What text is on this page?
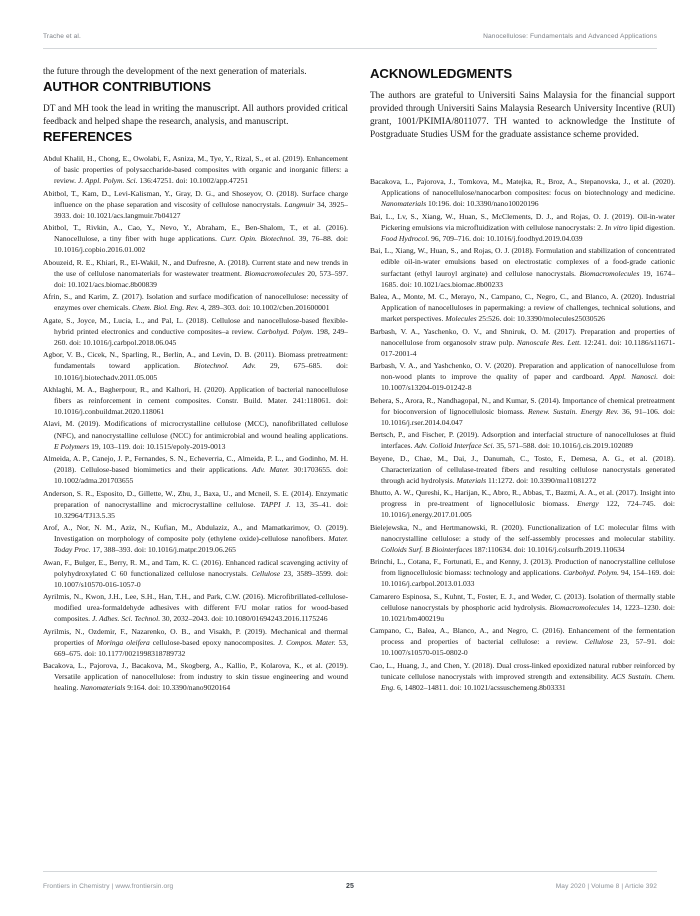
Trache et al.	Nanocellulose: Fundamentals and Advanced Applications

the future through the development of the next generation of materials.

AUTHOR CONTRIBUTIONS

DT and MH took the lead in writing the manuscript. All authors provided critical feedback and helped shape the research, analysis, and manuscript.

REFERENCES
Abdul Khalil, H., Chong, E., Owolabi, F., Asniza, M., Tye, Y., Rizal, S., et al. (2019). Enhancement of basic properties of polysaccharide-based composites with organic and inorganic fillers: a review. J. Appl. Polym. Sci. 136:47251. doi: 10.1002/app.47251
Abitbol, T., Kam, D., Levi-Kalisman, Y., Gray, D. G., and Shoseyov, O. (2018). Surface charge influence on the phase separation and viscosity of cellulose nanocrystals. Langmuir 34, 3925–3933. doi: 10.1021/acs.langmuir.7b04127
Abitbol, T., Rivkin, A., Cao, Y., Nevo, Y., Abraham, E., Ben-Shalom, T., et al. (2016). Nanocellulose, a tiny fiber with huge applications. Curr. Opin. Biotechnol. 39, 76–88. doi: 10.1016/j.copbio.2016.01.002
Abouzeid, R. E., Khiari, R., El-Wakil, N., and Dufresne, A. (2018). Current state and new trends in the use of cellulose nanomaterials for wastewater treatment. Biomacromolecules 20, 573–597. doi: 10.1021/acs.biomac.8b00839
Afrin, S., and Karim, Z. (2017). Isolation and surface modification of nanocellulose: necessity of enzymes over chemicals. Chem. Biol. Eng. Rev. 4, 289–303. doi: 10.1002/cben.201600001
Agate, S., Joyce, M., Lucia, L., and Pal, L. (2018). Cellulose and nanocellulose-based flexible-hybrid printed electronics and conductive composites–a review. Carbohyd. Polym. 198, 249–260. doi: 10.1016/j.carbpol.2018.06.045
Agbor, V. B., Cicek, N., Sparling, R., Berlin, A., and Levin, D. B. (2011). Biomass pretreatment: fundamentals toward application. Biotechnol. Adv. 29, 675–685. doi: 10.1016/j.biotechadv.2011.05.005
Akhlaghi, M. A., Bagherpour, R., and Kalhori, H. (2020). Application of bacterial nanocellulose fibers as reinforcement in cement composites. Constr. Build. Mater. 241:118061. doi: 10.1016/j.conbuildmat.2020.118061
Alavi, M. (2019). Modifications of microcrystalline cellulose (MCC), nanofibrillated cellulose (NFC), and nanocrystalline cellulose (NCC) for antimicrobial and wound healing applications. E Polymers 19, 103–119. doi: 10.1515/epoly-2019-0013
Almeida, A. P., Canejo, J. P., Fernandes, S. N., Echeverria, C., Almeida, P. L., and Godinho, M. H. (2018). Cellulose-based biomimetics and their applications. Adv. Mater. 30:1703655. doi: 10.1002/adma.201703655
Anderson, S. R., Esposito, D., Gillette, W., Zhu, J., Baxa, U., and Mcneil, S. E. (2014). Enzymatic preparation of nanocrystalline and microcrystalline cellulose. TAPPI J. 13, 35–41. doi: 10.32964/TJ13.5.35
Arof, A., Nor, N. M., Aziz, N., Kufian, M., Abdulaziz, A., and Mamatkarimov, O. (2019). Investigation on morphology of composite poly (ethylene oxide)-cellulose nanofibers. Mater. Today Proc. 17, 388–393. doi: 10.1016/j.matpr.2019.06.265
Awan, F., Bulger, E., Berry, R. M., and Tam, K. C. (2016). Enhanced radical scavenging activity of polyhydroxylated C 60 functionalized cellulose nanocrystals. Cellulose 23, 3589–3599. doi: 10.1007/s10570-016-1057-0
Ayrilmis, N., Kwon, J.H., Lee, S.H., Han, T.H., and Park, C.W. (2016). Microfibrillated-cellulose-modified urea-formaldehyde adhesives with different F/U molar ratios for wood-based composites. J. Adhes. Sci. Technol. 30, 2032–2043. doi: 10.1080/01694243.2016.1175246
Ayrilmis, N., Ozdemir, F., Nazarenko, O. B., and Visakh, P. (2019). Mechanical and thermal properties of Moringa oleifera cellulose-based epoxy nanocomposites. J. Compos. Mater. 53, 669–675. doi: 10.1177/0021998318789732
Bacakova, L., Pajorova, J., Bacakova, M., Skogberg, A., Kallio, P., Kolarova, K., et al. (2019). Versatile application of nanocellulose: from industry to skin tissue engineering and wound healing. Nanomaterials 9:164. doi: 10.3390/nano9020164
ACKNOWLEDGMENTS

The authors are grateful to Universiti Sains Malaysia for the financial support provided through Universiti Sains Malaysia Research University Incentive (RUI) grant, 1001/PKIMIA/8011077. TH wanted to acknowledge the Institute of Postgraduate Studies USM for the graduate assistance scheme provided.

Bacakova, L., Pajorova, J., Tomkova, M., Matejka, R., Broz, A., Stepanovska, J., et al. (2020). Applications of nanocellulose/nanocarbon composites: focus on biotechnology and medicine. Nanomaterials 10:196. doi: 10.3390/nano10020196
Bai, L., Lv, S., Xiang, W., Huan, S., McClements, D. J., and Rojas, O. J. (2019). Oil-in-water Pickering emulsions via microfluidization with cellulose nanocrystals: 2. In vitro lipid digestion. Food Hydrocol. 96, 709–716. doi: 10.1016/j.foodhyd.2019.04.039
Bai, L., Xiang, W., Huan, S., and Rojas, O. J. (2018). Formulation and stabilization of concentrated edible oil-in-water emulsions based on electrostatic complexes of a food-grade cationic surfactant (ethyl lauroyl arginate) and cellulose nanocrystals. Biomacromolecules 19, 1674–1685. doi: 10.1021/acs.biomac.8b00233
Balea, A., Monte, M. C., Merayo, N., Campano, C., Negro, C., and Blanco, A. (2020). Industrial Application of nanocelluloses in papermaking: a review of challenges, technical solutions, and market perspectives. Molecules 25:526. doi: 10.3390/molecules25030526
Barbash, V. A., Yaschenko, O. V., and Shniruk, O. M. (2017). Preparation and properties of nanocellulose from organosolv straw pulp. Nanoscale Res. Lett. 12:241. doi: 10.1186/s11671-017-2001-4
Barbash, V. A., and Yashchenko, O. V. (2020). Preparation and application of nanocellulose from non-wood plants to improve the quality of paper and cardboard. Appl. Nanosci. doi: 10.1007/s13204-019-01242-8
Behera, S., Arora, R., Nandhagopal, N., and Kumar, S. (2014). Importance of chemical pretreatment for bioconversion of lignocellulosic biomass. Renew. Sustain. Energy Rev. 36, 91–106. doi: 10.1016/j.rser.2014.04.047
Bertsch, P., and Fischer, P. (2019). Adsorption and interfacial structure of nanocelluloses at fluid interfaces. Adv. Colloid Interface Sci. 35, 571–588. doi: 10.1016/j.cis.2019.102089
Beyene, D., Chae, M., Dai, J., Danumah, C., Tosto, F., Demesa, A. G., et al. (2018). Characterization of cellulase-treated fibers and resulting cellulose nanocrystals generated through acid hydrolysis. Materials 11:1272. doi: 10.3390/ma11081272
Bhutto, A. W., Qureshi, K., Harijan, K., Abro, R., Abbas, T., Bazmi, A. A., et al. (2017). Insight into progress in pre-treatment of lignocellulosic biomass. Energy 122, 724–745. doi: 10.1016/j.energy.2017.01.005
Bielejewska, N., and Hertmanowski, R. (2020). Functionalization of LC molecular films with nanocrystalline cellulose: a study of the self-assembly processes and molecular stability. Colloids Surf. B Biointerfaces 187:110634. doi: 10.1016/j.colsurfb.2019.110634
Brinchi, L., Cotana, F., Fortunati, E., and Kenny, J. (2013). Production of nanocrystalline cellulose from lignocellulosic biomass: technology and applications. Carbohyd. Polym. 94, 154–169. doi: 10.1016/j.carbpol.2013.01.033
Camarero Espinosa, S., Kuhnt, T., Foster, E. J., and Weder, C. (2013). Isolation of thermally stable cellulose nanocrystals by phosphoric acid hydrolysis. Biomacromolecules 14, 1223–1230. doi: 10.1021/bm400219u
Campano, C., Balea, A., Blanco, A., and Negro, C. (2016). Enhancement of the fermentation process and properties of bacterial cellulose: a review. Cellulose 23, 57–91. doi: 10.1007/s10570-015-0802-0
Cao, L., Huang, J., and Chen, Y. (2018). Dual cross-linked epoxidized natural rubber reinforced by tunicate cellulose nanocrystals with improved strength and extensibility. ACS Sustain. Chem. Eng. 6, 14802–14811. doi: 10.1021/acssuschemeng.8b03331
Frontiers in Chemistry | www.frontiersin.org	25	May 2020 | Volume 8 | Article 392
